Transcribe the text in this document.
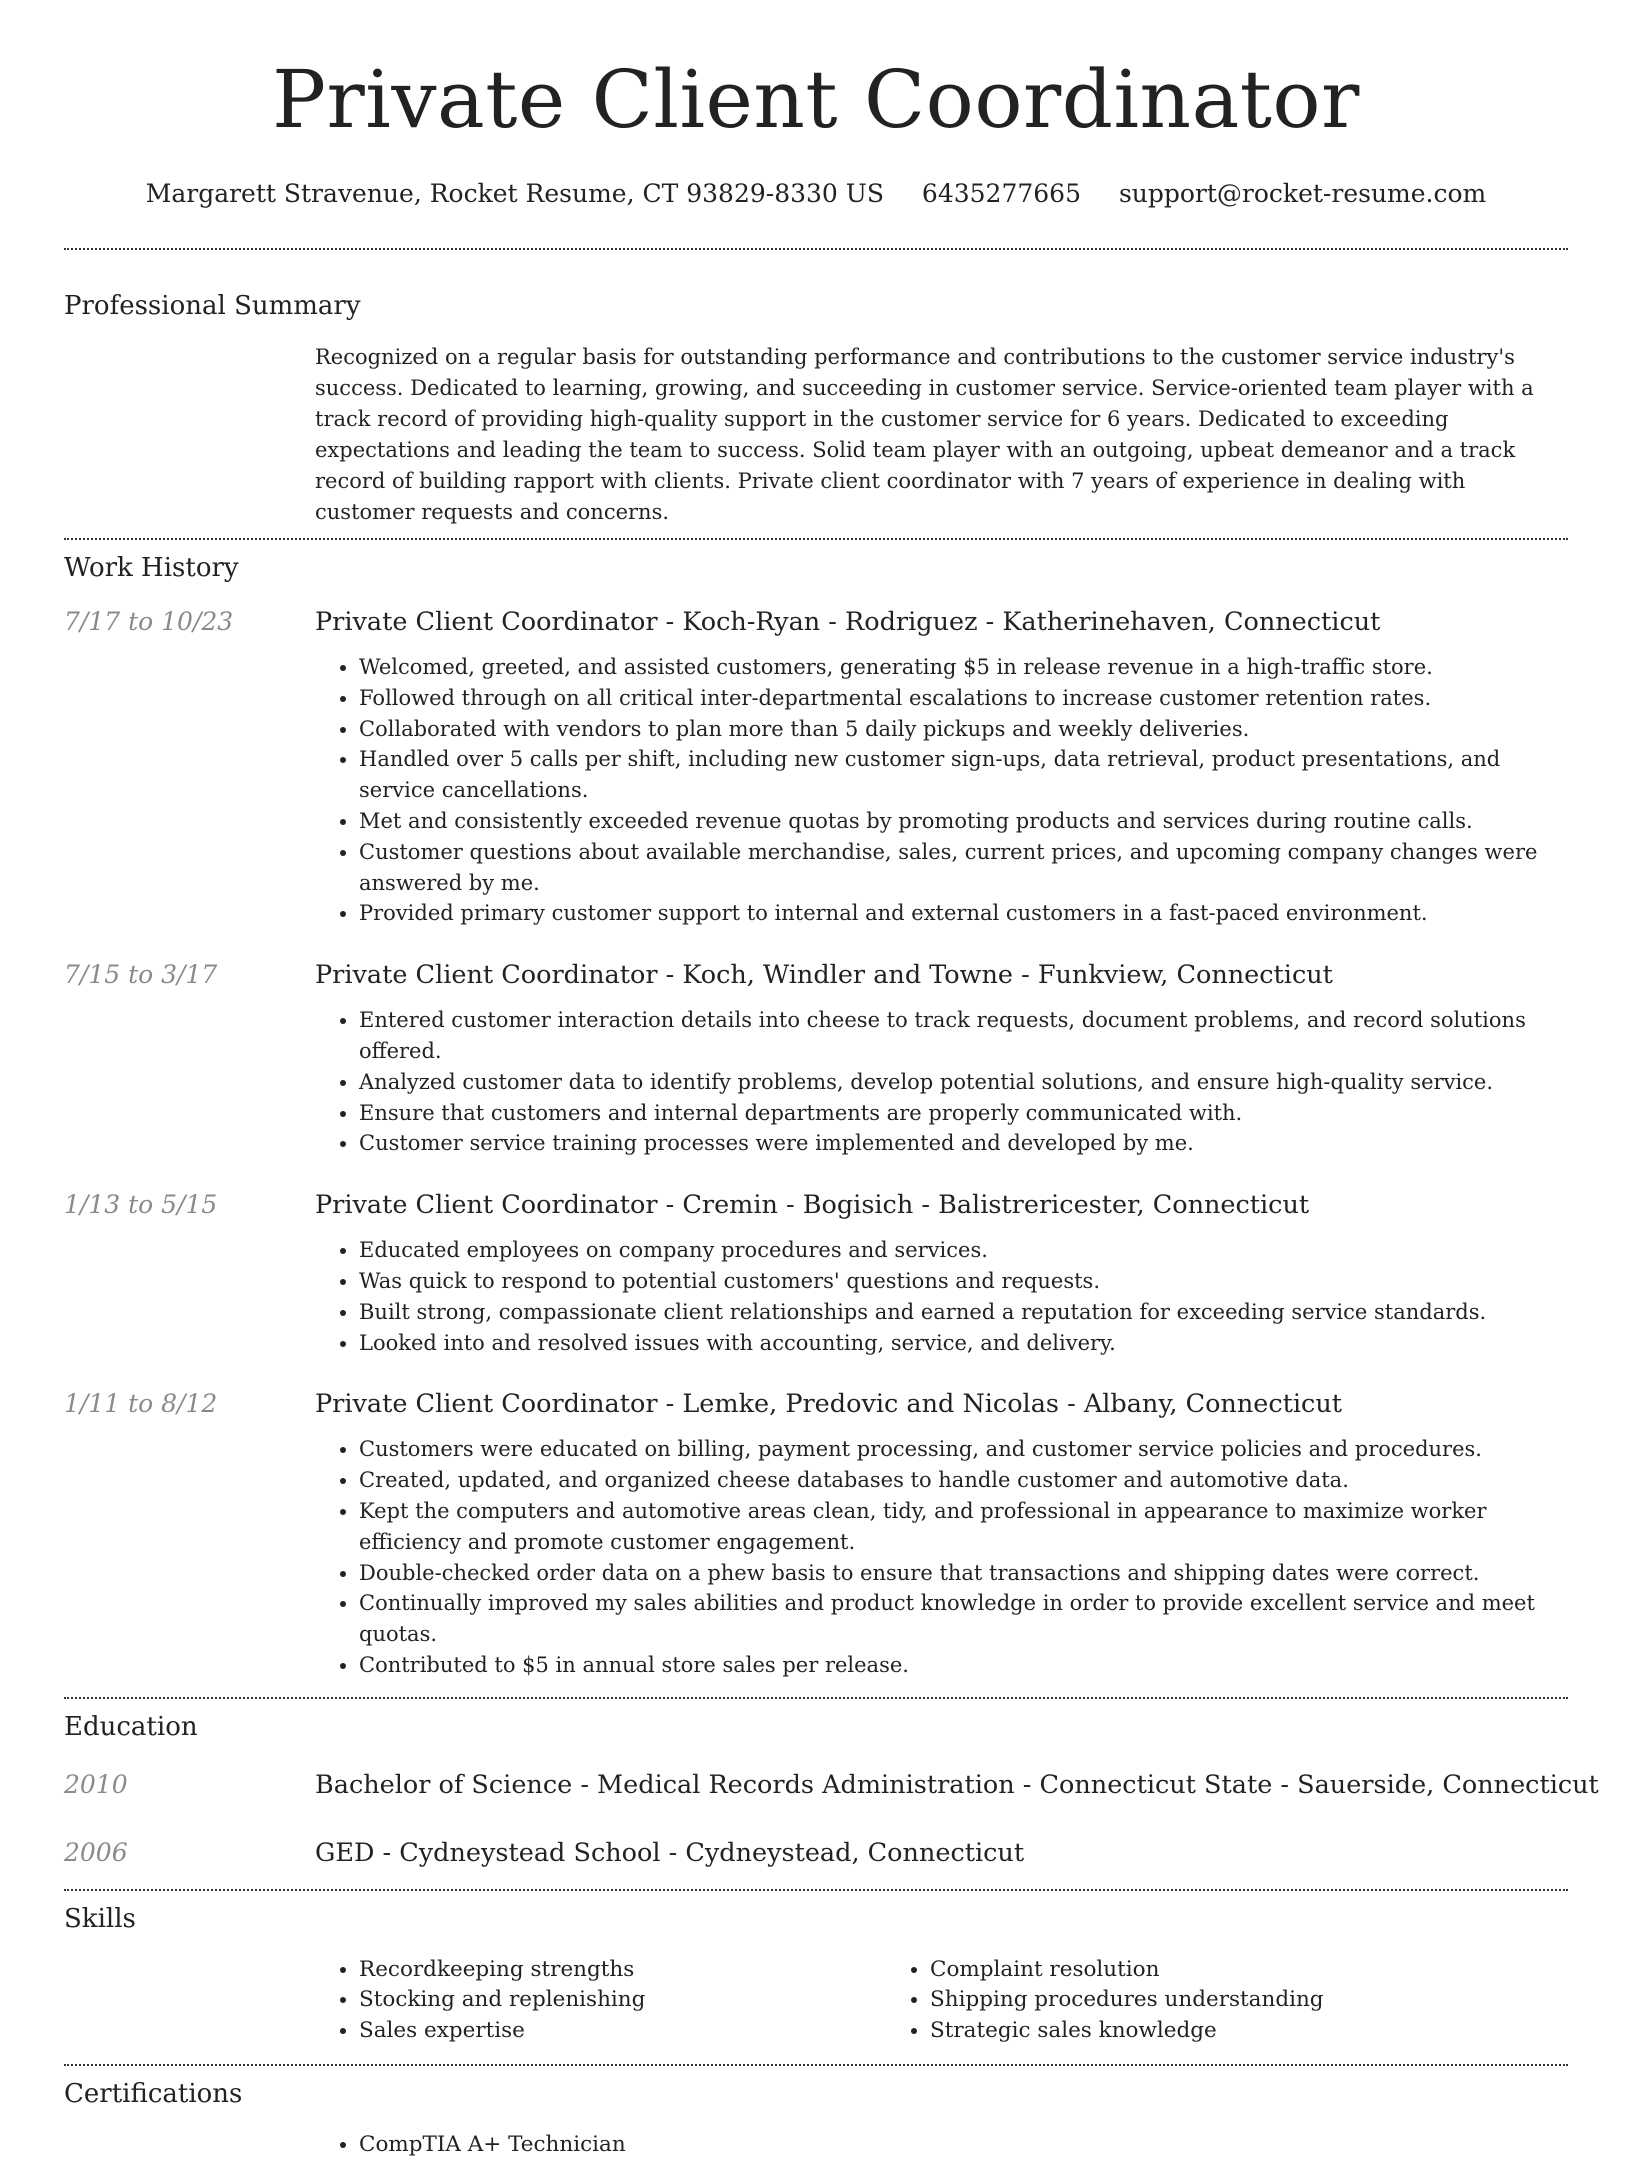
Private Client Coordinator
Margarett Stravenue, Rocket Resume, CT 93829-8330 US 6435277665 support@rocket-resume.com
Professional Summary

Recognized on a regular basis for outstanding performance and contributions to the customer service industry's success. Dedicated to learning, growing, and succeeding in customer service. Service-oriented team player with a track record of providing high-quality support in the customer service for 6 years. Dedicated to exceeding expectations and leading the team to success. Solid team player with an outgoing, upbeat demeanor and a track record of building rapport with clients. Private client coordinator with 7 years of experience in dealing with customer requests and concerns.

Work History
7/17 to 10/23	Private Client Coordinator - Koch-Ryan - Rodriguez - Katherinehaven, Connecticut
• Welcomed, greeted, and assisted customers, generating $5 in release revenue in a high-traffic store.
• Followed through on all critical inter-departmental escalations to increase customer retention rates.
• Collaborated with vendors to plan more than 5 daily pickups and weekly deliveries.
• Handled over 5 calls per shift, including new customer sign-ups, data retrieval, product presentations, and service cancellations.
• Met and consistently exceeded revenue quotas by promoting products and services during routine calls.
• Customer questions about available merchandise, sales, current prices, and upcoming company changes were answered by me.
• Provided primary customer support to internal and external customers in a fast-paced environment.
7/15 to 3/17	Private Client Coordinator - Koch, Windler and Towne - Funkview, Connecticut
• Entered customer interaction details into cheese to track requests, document problems, and record solutions offered.
• Analyzed customer data to identify problems, develop potential solutions, and ensure high-quality service.
• Ensure that customers and internal departments are properly communicated with.
• Customer service training processes were implemented and developed by me.
1/13 to 5/15	Private Client Coordinator - Cremin - Bogisich - Balistrericester, Connecticut
• Educated employees on company procedures and services.
• Was quick to respond to potential customers' questions and requests.
• Built strong, compassionate client relationships and earned a reputation for exceeding service standards.
• Looked into and resolved issues with accounting, service, and delivery.
1/11 to 8/12	Private Client Coordinator - Lemke, Predovic and Nicolas - Albany, Connecticut
• Customers were educated on billing, payment processing, and customer service policies and procedures.
• Created, updated, and organized cheese databases to handle customer and automotive data.
• Kept the computers and automotive areas clean, tidy, and professional in appearance to maximize worker efficiency and promote customer engagement.
• Double-checked order data on a phew basis to ensure that transactions and shipping dates were correct.
• Continually improved my sales abilities and product knowledge in order to provide excellent service and meet quotas.
• Contributed to $5 in annual store sales per release.
Education
2010	Bachelor of Science - Medical Records Administration - Connecticut State - Sauerside, Connecticut
2006	GED - Cydneystead School - Cydneystead, Connecticut
Skills
• Recordkeeping strengths
• Stocking and replenishing
• Sales expertise
• Complaint resolution
• Shipping procedures understanding
• Strategic sales knowledge
Certifications
• CompTIA A+ Technician
